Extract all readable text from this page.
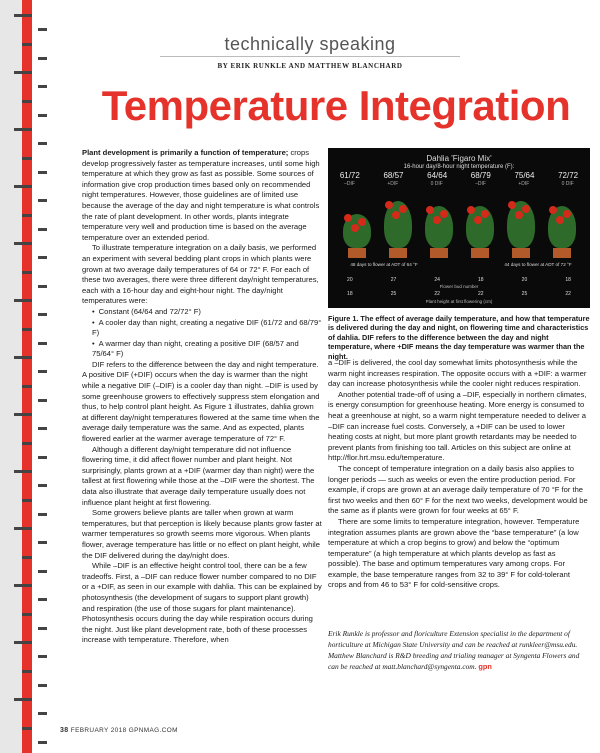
technically speaking
BY ERIK RUNKLE AND MATTHEW BLANCHARD
Temperature Integration

Plant development is primarily a function of temperature; crops develop progressively faster as temperature increases, until some high temperature at which they grow as fast as possible. Some sources of information give crop production times based only on recommended night temperatures. However, those guidelines are of limited use because the average of the day and night temperature is what controls the rate of plant development. In other words, plants integrate temperature very well and production time is based on the average temperature over an extended period.

To illustrate temperature integration on a daily basis, we performed an experiment with several bedding plant crops in which plants were grown at two average daily temperatures of 64 or 72° F. For each of these two averages, there were three different day/night temperatures, each with a 16-hour day and eight-hour night. The day/night temperatures were:

• Constant (64/64 and 72/72° F)
• A cooler day than night, creating a negative DIF (61/72 and 68/79° F)
• A warmer day than night, creating a positive DIF (68/57 and 75/64° F)

DIF refers to the difference between the day and night temperature. A positive DIF (+DIF) occurs when the day is warmer than the night while a negative DIF (–DIF) is a cooler day than night. –DIF is used by some greenhouse growers to effectively suppress stem elongation and thus, to help control plant height. As Figure 1 illustrates, dahlia grown at different day/night temperatures flowered at the same time when the average daily temperature was the same. And as expected, plants flowered earlier at the warmer average temperature of 72° F.

Although a different day/night temperature did not influence flowering time, it did affect flower number and plant height. Not surprisingly, plants grown at a +DIF (warmer day than night) were the tallest at first flowering while those at the –DIF were the shortest. The data also illustrate that average daily temperature usually does not influence plant height at first flowering.

Some growers believe plants are taller when grown at warm temperatures, but that perception is likely because plants grow faster at warmer temperatures so growth seems more vigorous. When plants flower, average temperature has little or no effect on plant height, while the DIF delivered during the day/night does.

While –DIF is an effective height control tool, there can be a few tradeoffs. First, a –DIF can reduce flower number compared to no DIF or a +DIF, as seen in our example with dahlia. This can be explained by photosynthesis (the development of sugars to support plant growth) and respiration (the use of those sugars for plant maintenance). Photosynthesis occurs during the day while respiration occurs during the night. Just like plant development rate, both of these processes increase with temperature. Therefore, when

Dahlia 'Figaro Mix'
16-hour day/8-hour night temperature (F):
61/72	68/57	64/64	68/79	75/64	72/72
–DIF	+DIF	0 DIF	–DIF	+DIF	0 DIF
48 days to flower at ADT of 64 °F	44 days to flower at ADT of 72 °F
20	27	24	18	20	18
Flower bud number
18	25	22	22	25	22
Plant height at first flowering (cm)
Figure 1. The effect of average daily temperature, and how that temperature is delivered during the day and night, on flowering time and characteristics of dahlia. DIF refers to the difference between the day and night temperature, where +DIF means the day temperature was warmer than the night.

a –DIF is delivered, the cool day somewhat limits photosynthesis while the warm night increases respiration. The opposite occurs with a +DIF: a warmer day can increase photosynthesis while the cooler night reduces respiration.

Another potential trade-off of using a –DIF, especially in northern climates, is energy consumption for greenhouse heating. More energy is consumed to heat a greenhouse at night, so a warm night temperature needed to deliver a –DIF can increase fuel costs. Conversely, a +DIF can be used to lower heating costs at night, but more plant growth retardants may be needed to prevent plants from finishing too tall. Articles on this subject are online at http://flor.hrt.msu.edu/temperature.

The concept of temperature integration on a daily basis also applies to longer periods — such as weeks or even the entire production period. For example, if crops are grown at an average daily temperature of 70 °F for the first two weeks and then 60° F for the next two weeks, development would be the same as if plants were grown for four weeks at 65° F.

There are some limits to temperature integration, however. Temperature integration assumes plants are grown above the “base temperature” (a low temperature at which a crop begins to grow) and below the “optimum temperature” (a high temperature at which plants develop as fast as possible). The base and optimum temperatures vary among crops. For example, the base temperature ranges from 32 to 39° F for cold-tolerant crops and from 46 to 53° F for cold-sensitive crops.

Erik Runkle is professor and floriculture Extension specialist in the department of horticulture at Michigan State University and can be reached at runkleer@msu.edu. Matthew Blanchard is R&D breeding and trialing manager at Syngenta Flowers and can be reached at matt.blanchard@syngenta.com. gpn
38 FEBRUARY 2018 GPNMAG.COM
